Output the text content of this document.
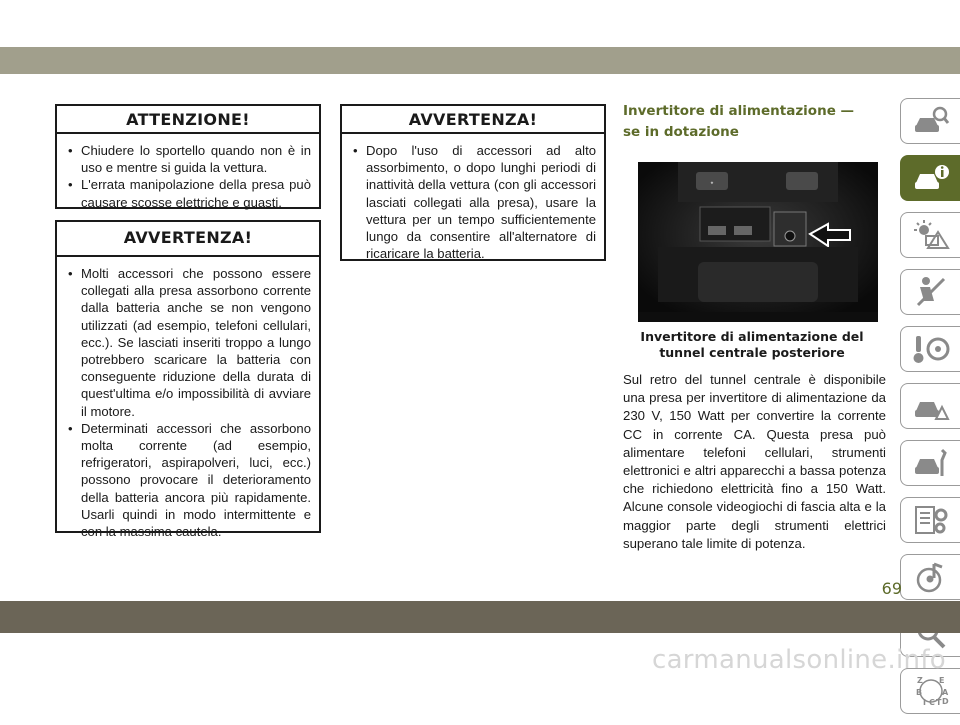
ATTENZIONE!
• Chiudere lo sportello quando non è in uso e mentre si guida la vettura.
• L'errata manipolazione della presa può causare scosse elettriche e guasti.
AVVERTENZA!
• Molti accessori che possono essere collegati alla presa assorbono corrente dalla batteria anche se non vengono utilizzati (ad esempio, telefoni cellulari, ecc.). Se lasciati inseriti troppo a lungo potrebbero scaricare la batteria con conseguente riduzione della durata di quest'ultima e/o impossibilità di avviare il motore.
• Determinati accessori che assorbono molta corrente (ad esempio, refrigeratori, aspirapolveri, luci, ecc.) possono provocare il deterioramento della batteria ancora più rapidamente. Usarli quindi in modo intermittente e con la massima cautela.
AVVERTENZA!
• Dopo l'uso di accessori ad alto assorbimento, o dopo lunghi periodi di inattività della vettura (con gli accessori lasciati collegati alla presa), usare la vettura per un tempo sufficientemente lungo da consentire all'alternatore di ricaricare la batteria.
Invertitore di alimentazione — se in dotazione
⬩
Invertitore di alimentazione del tunnel centrale posteriore
Sul retro del tunnel centrale è disponibile una presa per invertitore di alimentazione da 230 V, 150 Watt per convertire la corrente CC in corrente CA. Questa presa può alimentare telefoni cellulari, strumenti elettronici e altri apparecchi a bassa potenza che richiedono elettricità fino a 150 Watt. Alcune console videogiochi di fascia alta e la maggior parte degli strumenti elettrici superano tale limite di potenza.
Z E
B A
I C T D
69
carmanualsonline.info
